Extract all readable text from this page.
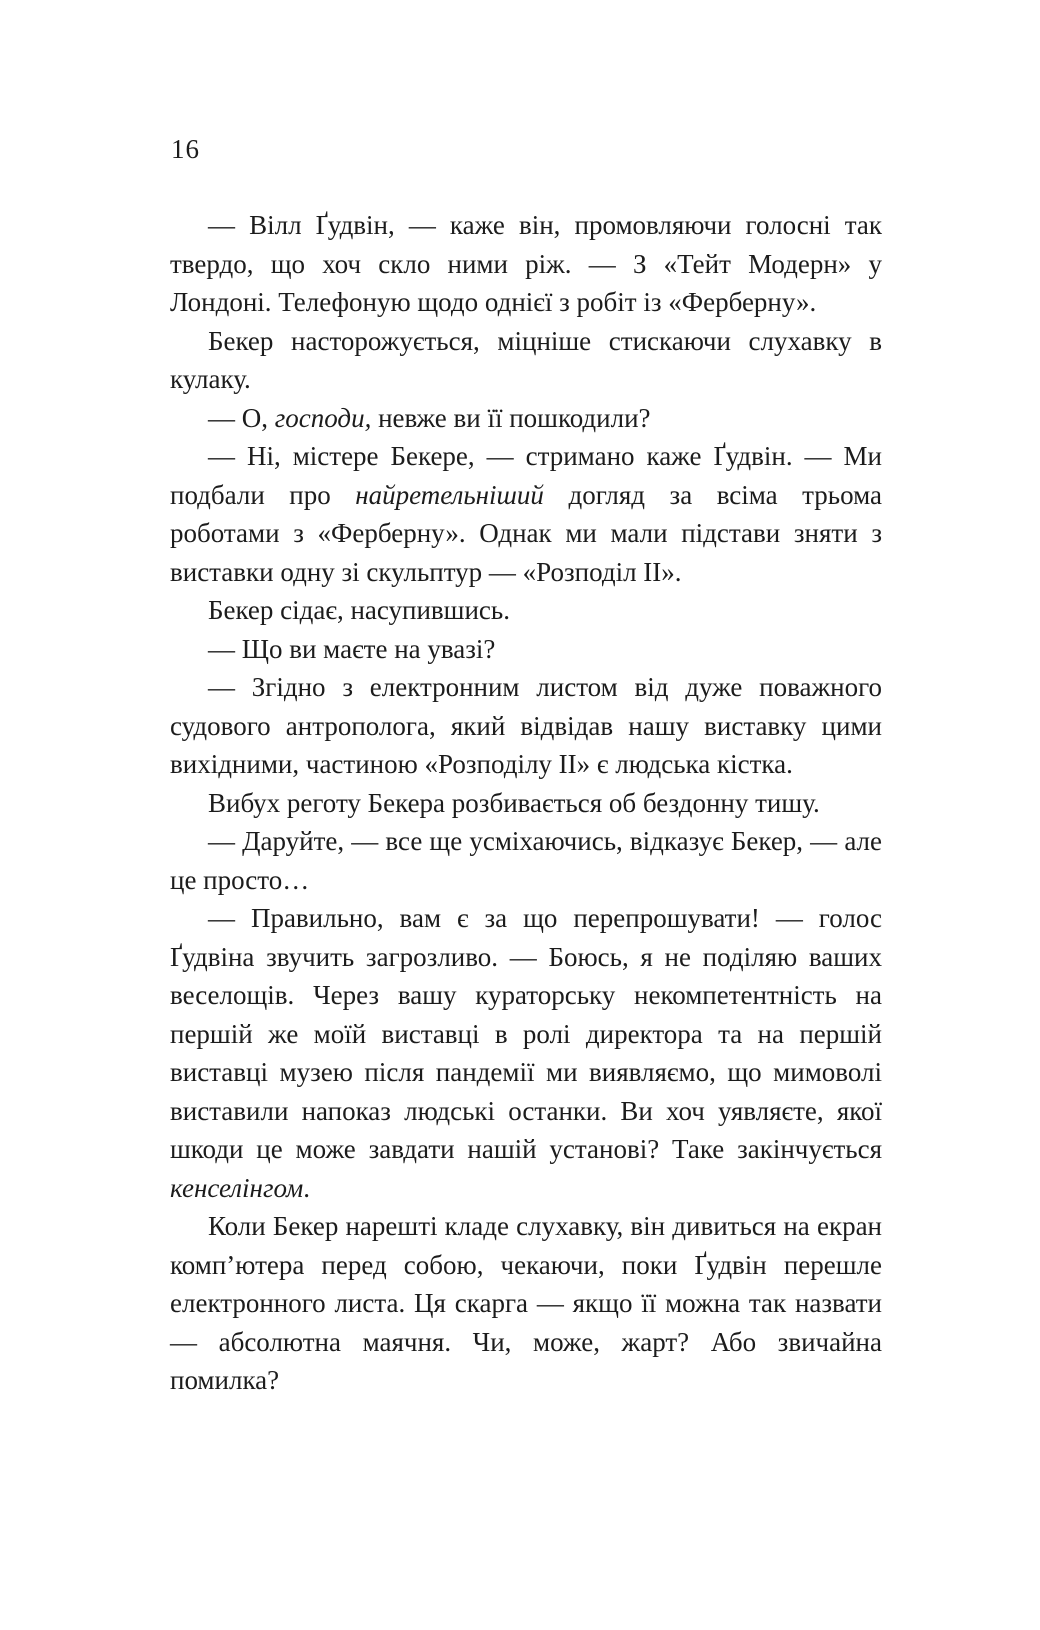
16

— Вілл Ґудвін, — каже він, промовляючи голосні так твердо, що хоч скло ними ріж. — З «Тейт Модерн» у Лондоні. Телефоную щодо однієї з робіт із «Ферберну».

Бекер насторожується, міцніше стискаючи слухавку в кулаку.

— О, господи, невже ви її пошкодили?

— Ні, містере Бекере, — стримано каже Ґудвін. — Ми подбали про найретельніший догляд за всіма трьома роботами з «Ферберну». Однак ми мали підстави зняти з виставки одну зі скульптур — «Розподіл II».

Бекер сідає, насупившись.

— Що ви маєте на увазі?

— Згідно з електронним листом від дуже поважного судового антрополога, який відвідав нашу виставку цими вихідними, частиною «Розподілу II» є людська кістка.

Вибух реготу Бекера розбивається об бездонну тишу.

— Даруйте, — все ще усміхаючись, відказує Бекер, — але це просто…

— Правильно, вам є за що перепрошувати! — голос Ґудвіна звучить загрозливо. — Боюсь, я не поділяю ваших веселощів. Через вашу кураторську некомпетентність на першій же моїй виставці в ролі директора та на першій виставці музею після пандемії ми виявляємо, що мимоволі виставили напоказ людські останки. Ви хоч уявляєте, якої шкоди це може завдати нашій установі? Таке закінчується кенселінгом.

Коли Бекер нарешті кладе слухавку, він дивиться на екран комп’ютера перед собою, чекаючи, поки Ґудвін перешле електронного листа. Ця скарга — якщо її можна так назвати — абсолютна маячня. Чи, може, жарт? Або звичайна помилка?
